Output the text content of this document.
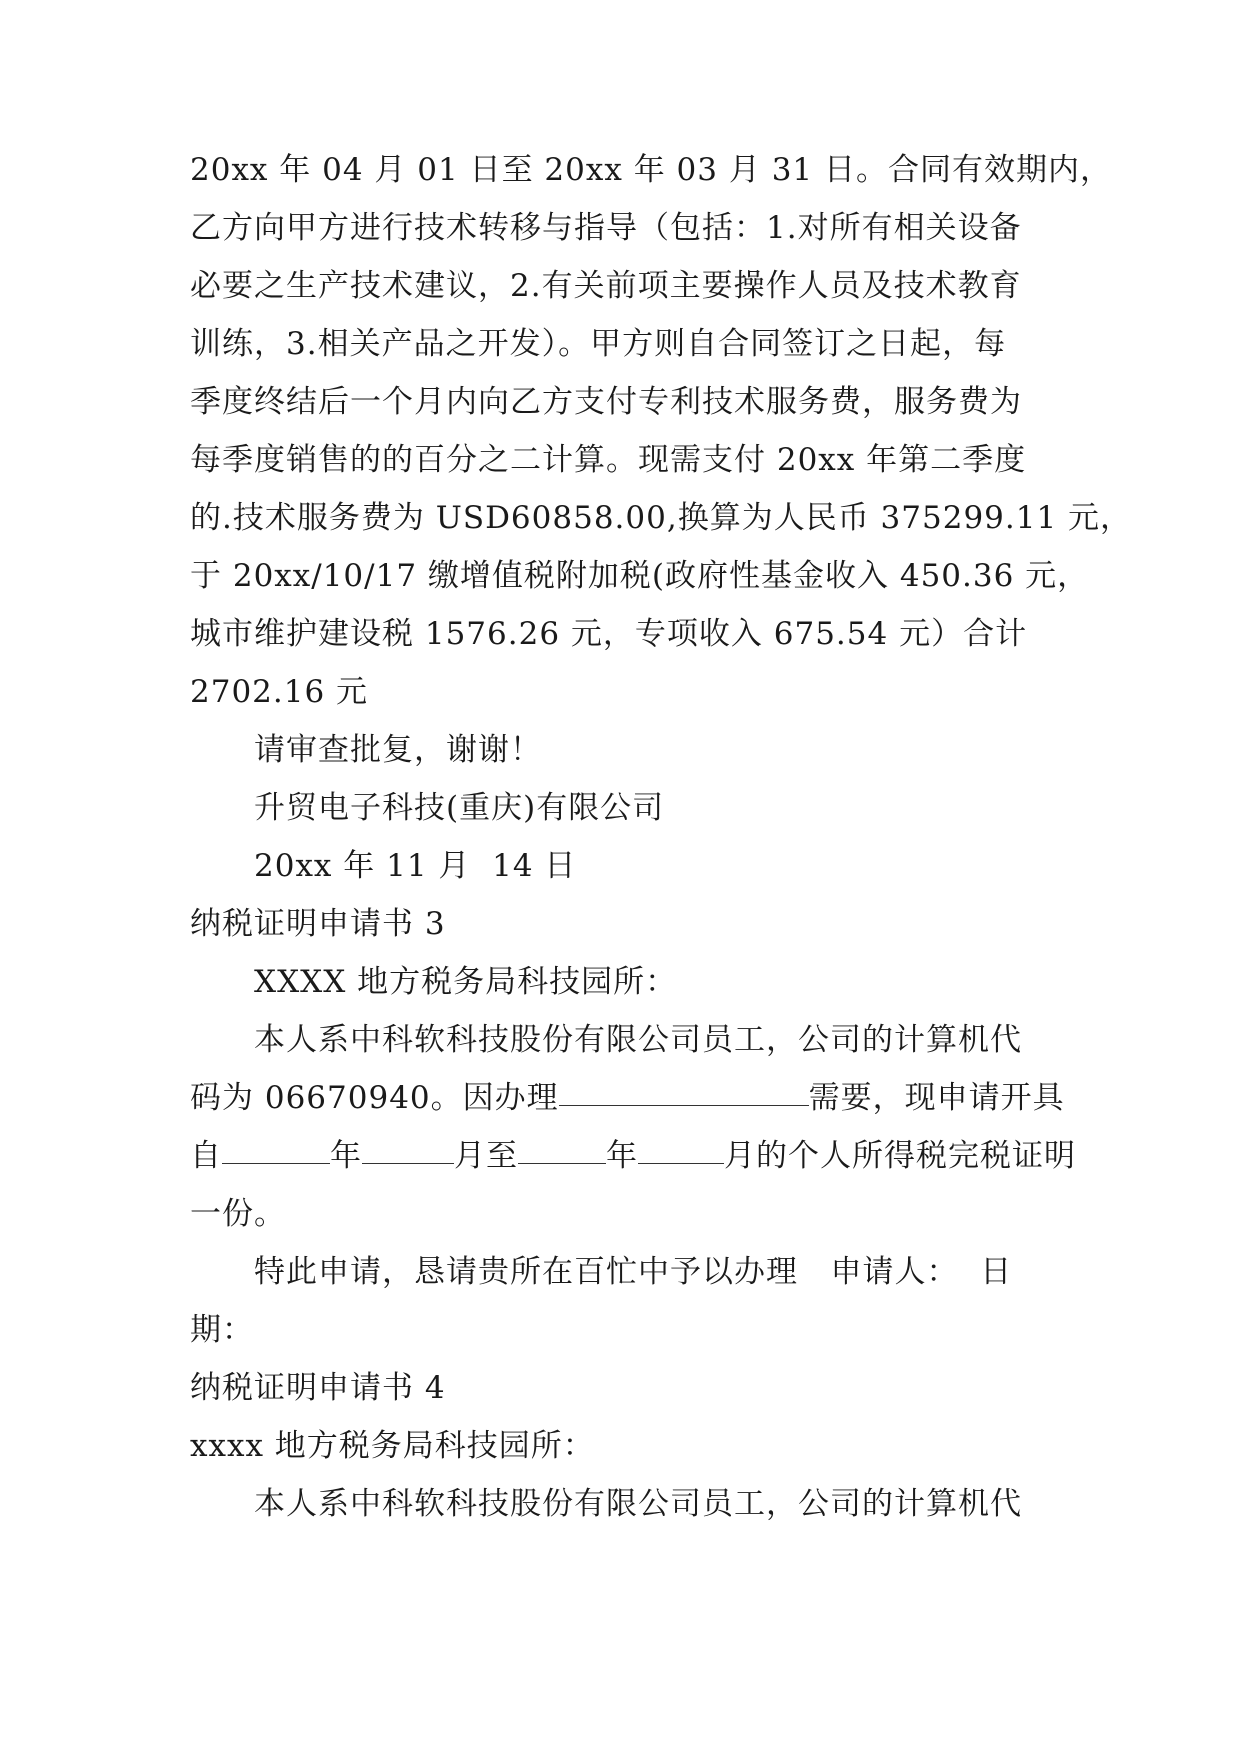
20xx 年 04 月 01 日至 20xx 年 03 月 31 日。合同有效期内，

乙方向甲方进行技术转移与指导（包括：1.对所有相关设备

必要之生产技术建议，2.有关前项主要操作人员及技术教育

训练，3.相关产品之开发）。甲方则自合同签订之日起，每

季度终结后一个月内向乙方支付专利技术服务费，服务费为

每季度销售的的百分之二计算。现需支付 20xx 年第二季度

的.技术服务费为 USD60858.00,换算为人民币 375299.11 元，

于 20xx/10/17 缴增值税附加税(政府性基金收入 450.36 元，

城市维护建设税 1576.26 元，专项收入 675.54 元）合计

2702.16 元

请审查批复，谢谢！

升贸电子科技(重庆)有限公司

20xx 年 11 月  14 日

纳税证明申请书 3

XXXX 地方税务局科技园所：

本人系中科软科技股份有限公司员工，公司的计算机代

码为 06670940。因办理	需要，现申请开具

自	年	月至	年	月的个人所得税完税证明

一份。

特此申请，恳请贵所在百忙中予以办理   申请人：  日

期：

纳税证明申请书 4

xxxx 地方税务局科技园所：

本人系中科软科技股份有限公司员工，公司的计算机代
